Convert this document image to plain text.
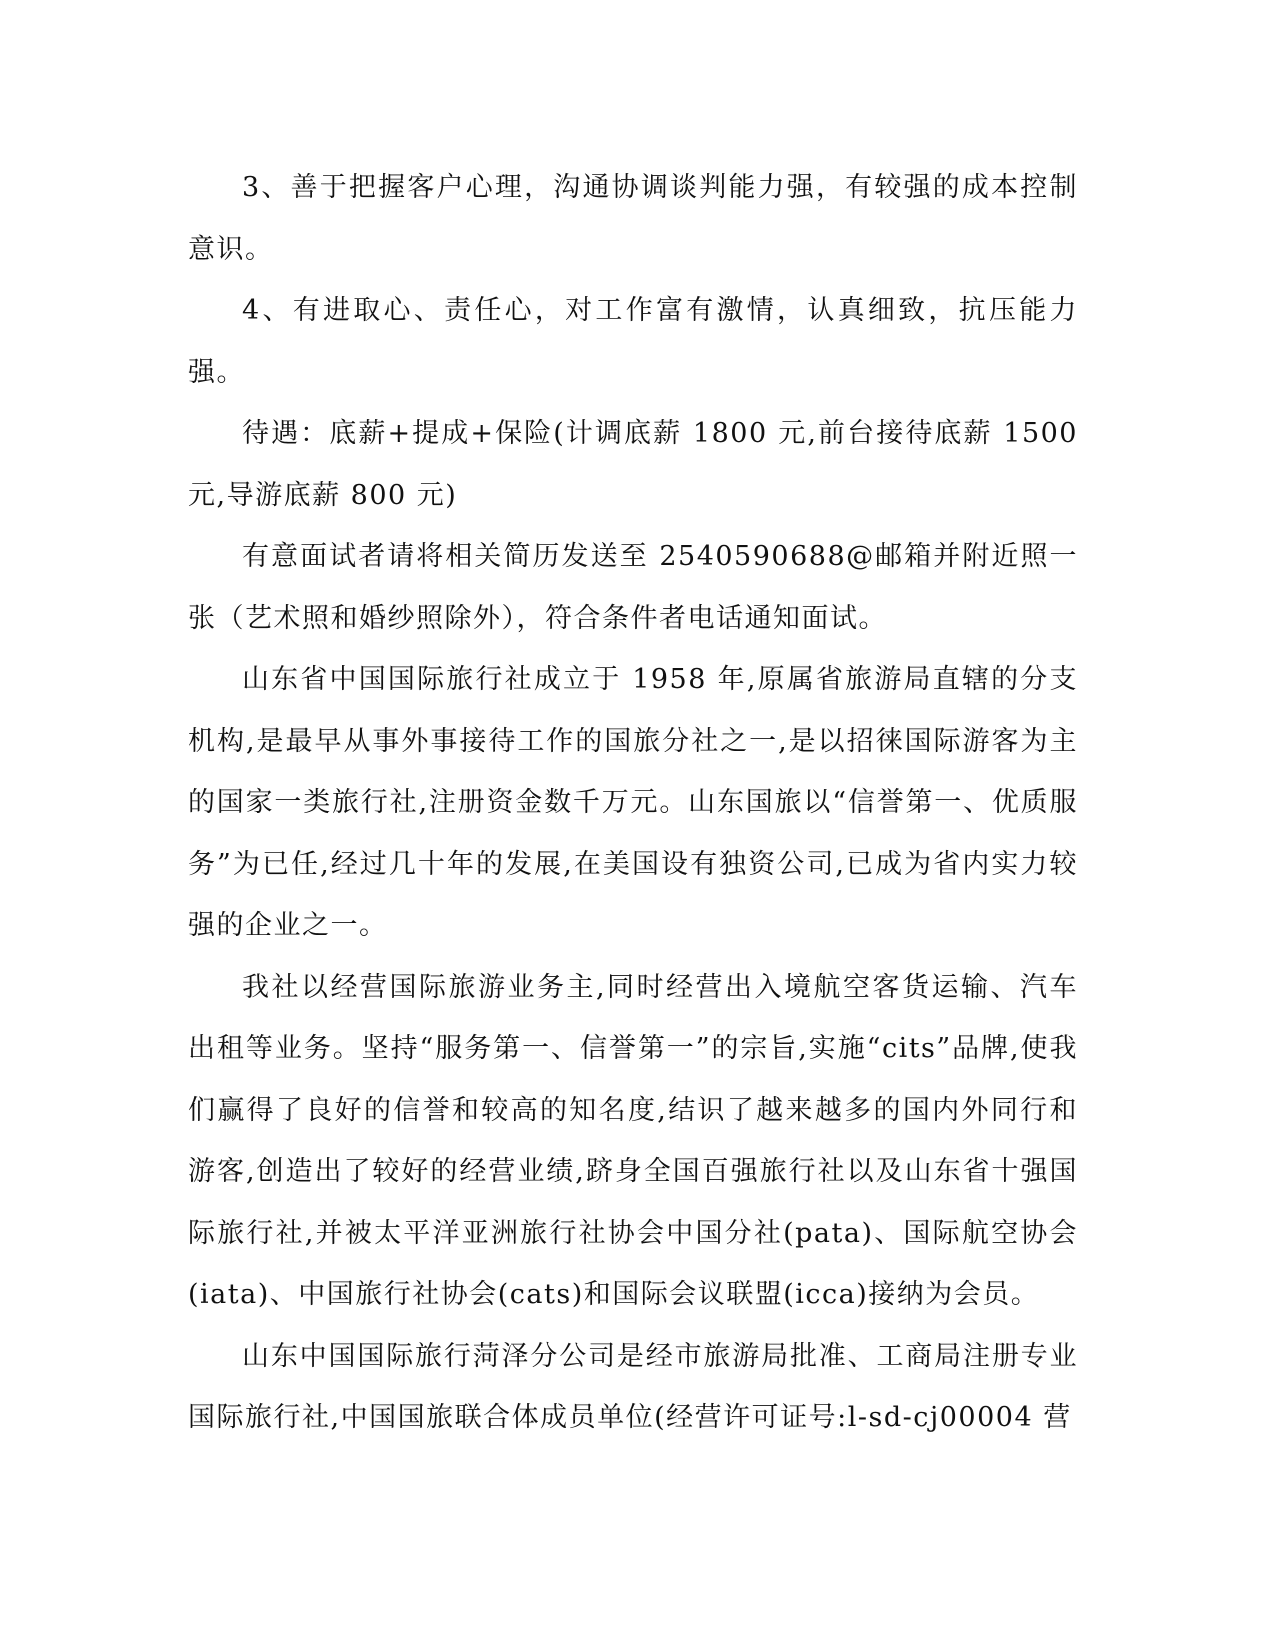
3、善于把握客户心理，沟通协调谈判能力强，有较强的成本控制意识。

4、有进取心、责任心，对工作富有激情，认真细致，抗压能力强。

待遇：底薪+提成+保险(计调底薪 1800 元,前台接待底薪 1500 元,导游底薪 800 元)

有意面试者请将相关简历发送至 2540590688@邮箱并附近照一张（艺术照和婚纱照除外），符合条件者电话通知面试。

山东省中国国际旅行社成立于 1958 年,原属省旅游局直辖的分支机构,是最早从事外事接待工作的国旅分社之一,是以招徕国际游客为主的国家一类旅行社,注册资金数千万元。山东国旅以“信誉第一、优质服务”为已任,经过几十年的发展,在美国设有独资公司,已成为省内实力较强的企业之一。

我社以经营国际旅游业务主,同时经营出入境航空客货运输、汽车出租等业务。坚持“服务第一、信誉第一”的宗旨,实施“cits”品牌,使我们赢得了良好的信誉和较高的知名度,结识了越来越多的国内外同行和游客,创造出了较好的经营业绩,跻身全国百强旅行社以及山东省十强国际旅行社,并被太平洋亚洲旅行社协会中国分社(pata)、国际航空协会(iata)、中国旅行社协会(cats)和国际会议联盟(icca)接纳为会员。

山东中国国际旅行菏泽分公司是经市旅游局批准、工商局注册专业国际旅行社,中国国旅联合体成员单位(经营许可证号:l-sd-cj00004 营
